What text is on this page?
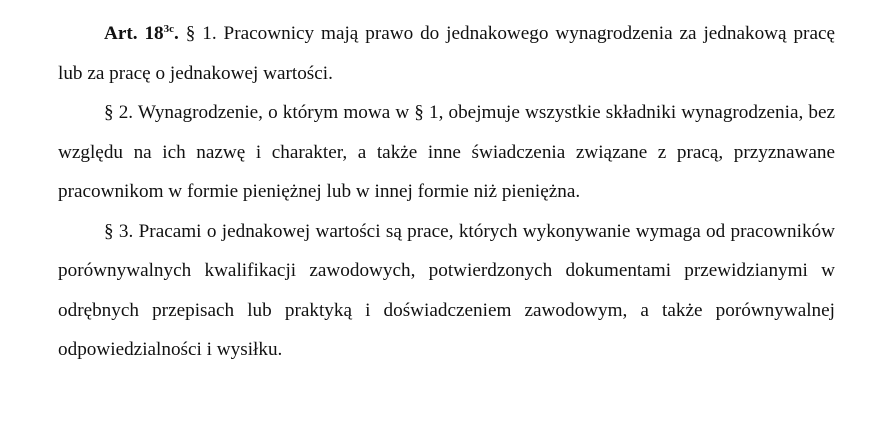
Art. $18^{3c}$. § 1. Pracownicy mają prawo do jednakowego wynagrodzenia za jednakową pracę lub za pracę o jednakowej wartości.

§ 2. Wynagrodzenie, o którym mowa w § 1, obejmuje wszystkie składniki wynagrodzenia, bez względu na ich nazwę i charakter, a także inne świadczenia związane z pracą, przyznawane pracownikom w formie pieniężnej lub w innej formie niż pieniężna.

§ 3. Pracami o jednakowej wartości są prace, których wykonywanie wymaga od pracowników porównywalnych kwalifikacji zawodowych, potwierdzonych dokumentami przewidzianymi w odrębnych przepisach lub praktyką i doświadczeniem zawodowym, a także porównywalnej odpowiedzialności i wysiłku.
